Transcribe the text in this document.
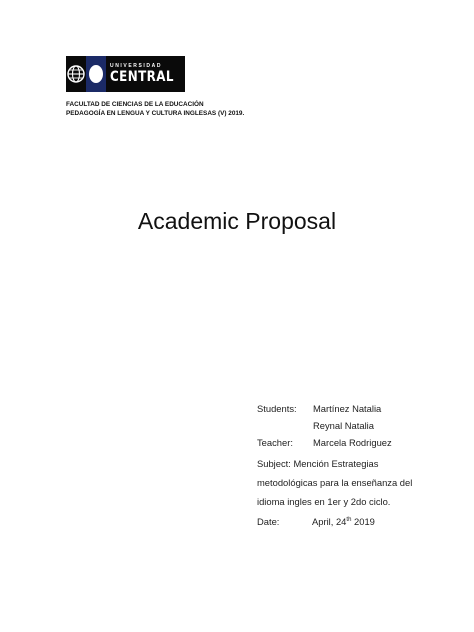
UNIVERSIDAD
CENTRAL
FACULTAD DE CIENCIAS DE LA EDUCACIÓN
PEDAGOGÍA EN LENGUA Y CULTURA INGLESAS (V) 2019.
Academic Proposal
Students:	Martínez Natalia
Reynal Natalia
Teacher:	Marcela Rodriguez
Subject: Mención Estrategias metodológicas para la enseñanza del idioma ingles en 1er y 2do ciclo.
Date:	April, 24th 2019
